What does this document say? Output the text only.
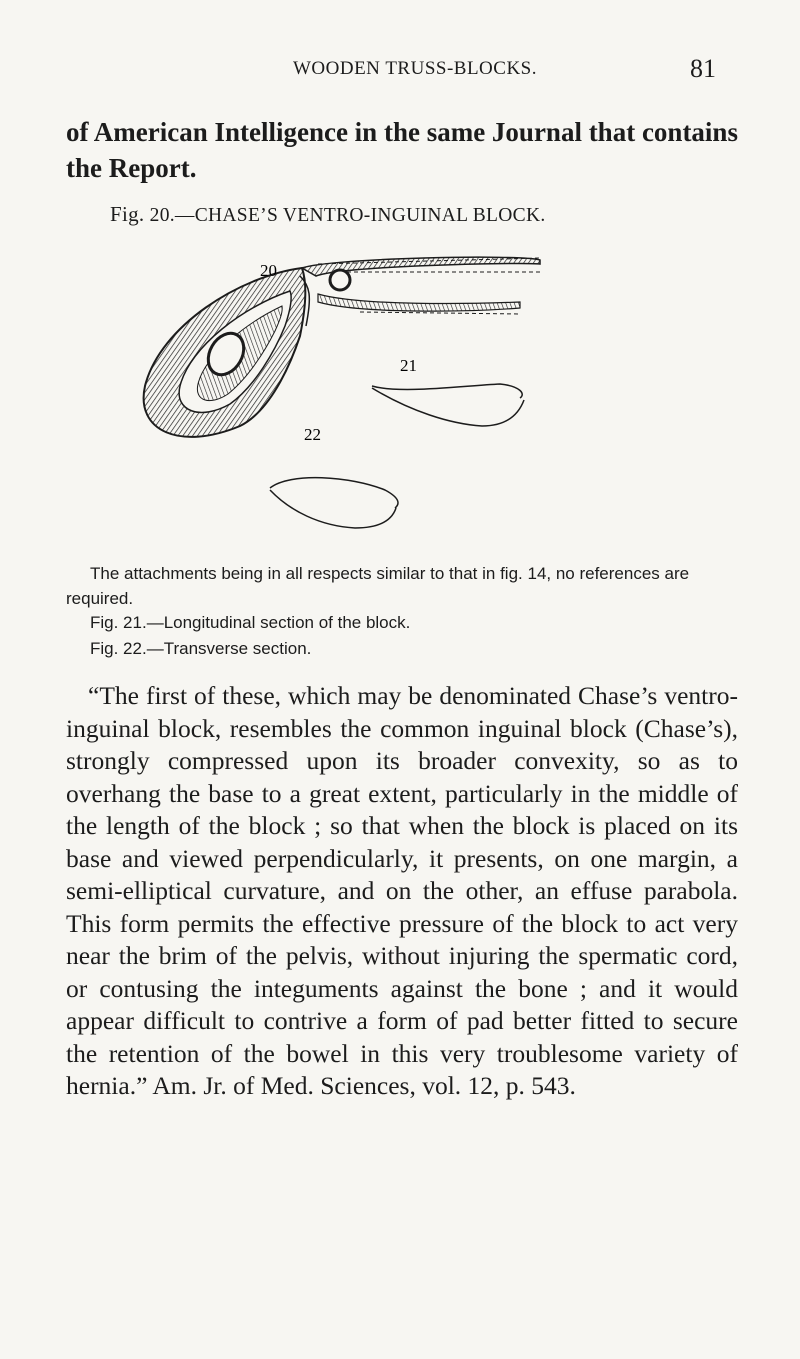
WOODEN TRUSS-BLOCKS.	81
of American Intelligence in the same Journal that contains the Report.
Fig. 20.—CHASE’S VENTRO-INGUINAL BLOCK.
20
21
22
The attachments being in all respects similar to that in fig. 14, no references are required.
Fig. 21.—Longitudinal section of the block.
Fig. 22.—Transverse section.
“The first of these, which may be denominated Chase’s ventro-inguinal block, resembles the common inguinal block (Chase’s), strongly compressed upon its broader convexity, so as to overhang the base to a great extent, particularly in the middle of the length of the block ; so that when the block is placed on its base and viewed perpendicularly, it presents, on one margin, a semi-elliptical curvature, and on the other, an effuse parabola. This form permits the effective pressure of the block to act very near the brim of the pelvis, without injuring the spermatic cord, or contusing the integuments against the bone ; and it would appear difficult to contrive a form of pad better fitted to secure the retention of the bowel in this very troublesome variety of hernia.” Am. Jr. of Med. Sciences, vol. 12, p. 543.
